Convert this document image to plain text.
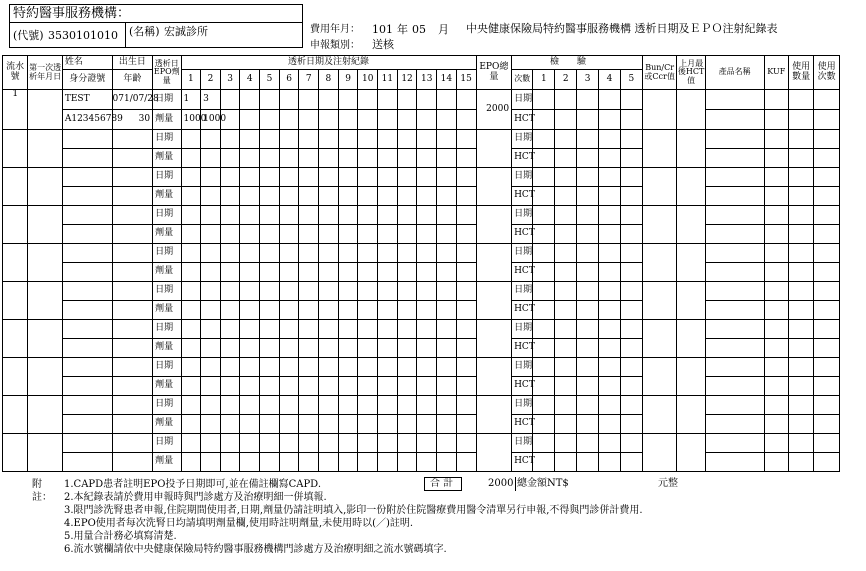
特約醫事服務機構：
(代號) 3530101010 (名稱) 宏誠診所	費用年月： 101 年 05 月
申報類別： 送核
中央健康保險局特約醫事服務機構 透析日期及ＥＰＯ注射紀錄表
流水號	第一次透析年月日	姓名	出生日	透析日EPO劑量	透析日期及注射紀錄															EPO總量	檢驗						Bun/Cr或Ccr值	上月最後HCT值	產品名稱	KUF	使用數量	使用次數
		身分證號	年齡		1	2	3	4	5	6	7	8	9	10	11	12	13	14	15		次數	1	2	3	4	5						
1		TEST	071/07/28	日期	1	3														2000	日期											
		A123456789	30	劑量	1000	1000															HCT											
				日期																	日期											
				劑量																	HCT											
				日期																	日期											
				劑量																	HCT											
				日期																	日期											
				劑量																	HCT											
				日期																	日期											
				劑量																	HCT											
				日期																	日期											
				劑量																	HCT											
				日期																	日期											
				劑量																	HCT											
				日期																	日期											
				劑量																	HCT											
				日期																	日期											
				劑量																	HCT											
				日期																	日期											
				劑量																	HCT											
合 計	2000 總金額NT$	元整
附註：
1.CAPD患者註明EPO投予日期即可,並在備註欄寫CAPD.
2.本紀錄表請於費用申報時與門診處方及治療明細一併填報.
3.限門診洗腎患者申報,住院期間使用者,日期,劑量仍請註明填入,影印一份附於住院醫療費用醫令清單另行申報,不得與門診併計費用.
4.EPO使用者每次洗腎日均請填明劑量欄,使用時註明劑量,未使用時以(／)註明.
5.用量合計務必填寫清楚.
6.流水號欄請依中央健康保險局特約醫事服務機構門診處方及治療明細之流水號碼填字.
